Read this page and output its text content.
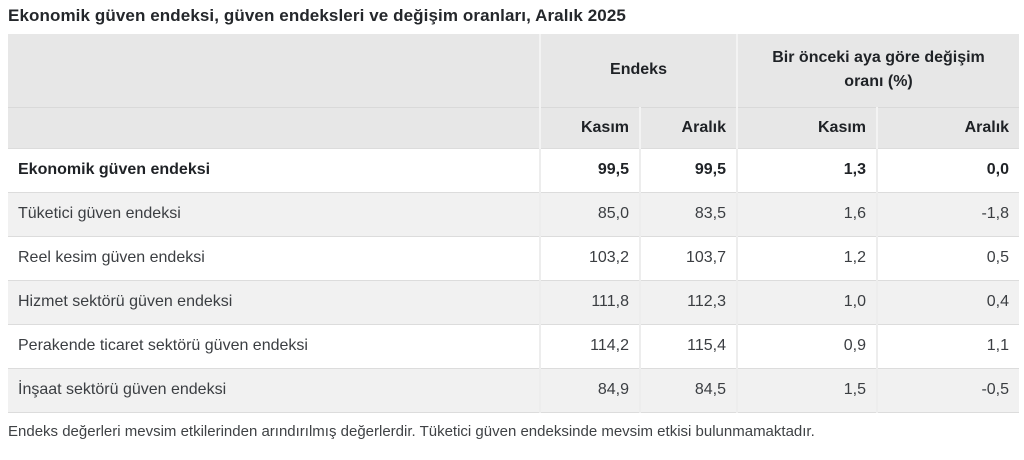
Ekonomik güven endeksi, güven endeksleri ve değişim oranları, Aralık 2025
	Endeks		Bir önceki aya göre değişim oranı (%)	
	Kasım	Aralık	Kasım	Aralık
Ekonomik güven endeksi	99,5	99,5	1,3	0,0
Tüketici güven endeksi	85,0	83,5	1,6	-1,8
Reel kesim güven endeksi	103,2	103,7	1,2	0,5
Hizmet sektörü güven endeksi	111,8	112,3	1,0	0,4
Perakende ticaret sektörü güven endeksi	114,2	115,4	0,9	1,1
İnşaat sektörü güven endeksi	84,9	84,5	1,5	-0,5

Endeks değerleri mevsim etkilerinden arındırılmış değerlerdir. Tüketici güven endeksinde mevsim etkisi bulunmamaktadır.
